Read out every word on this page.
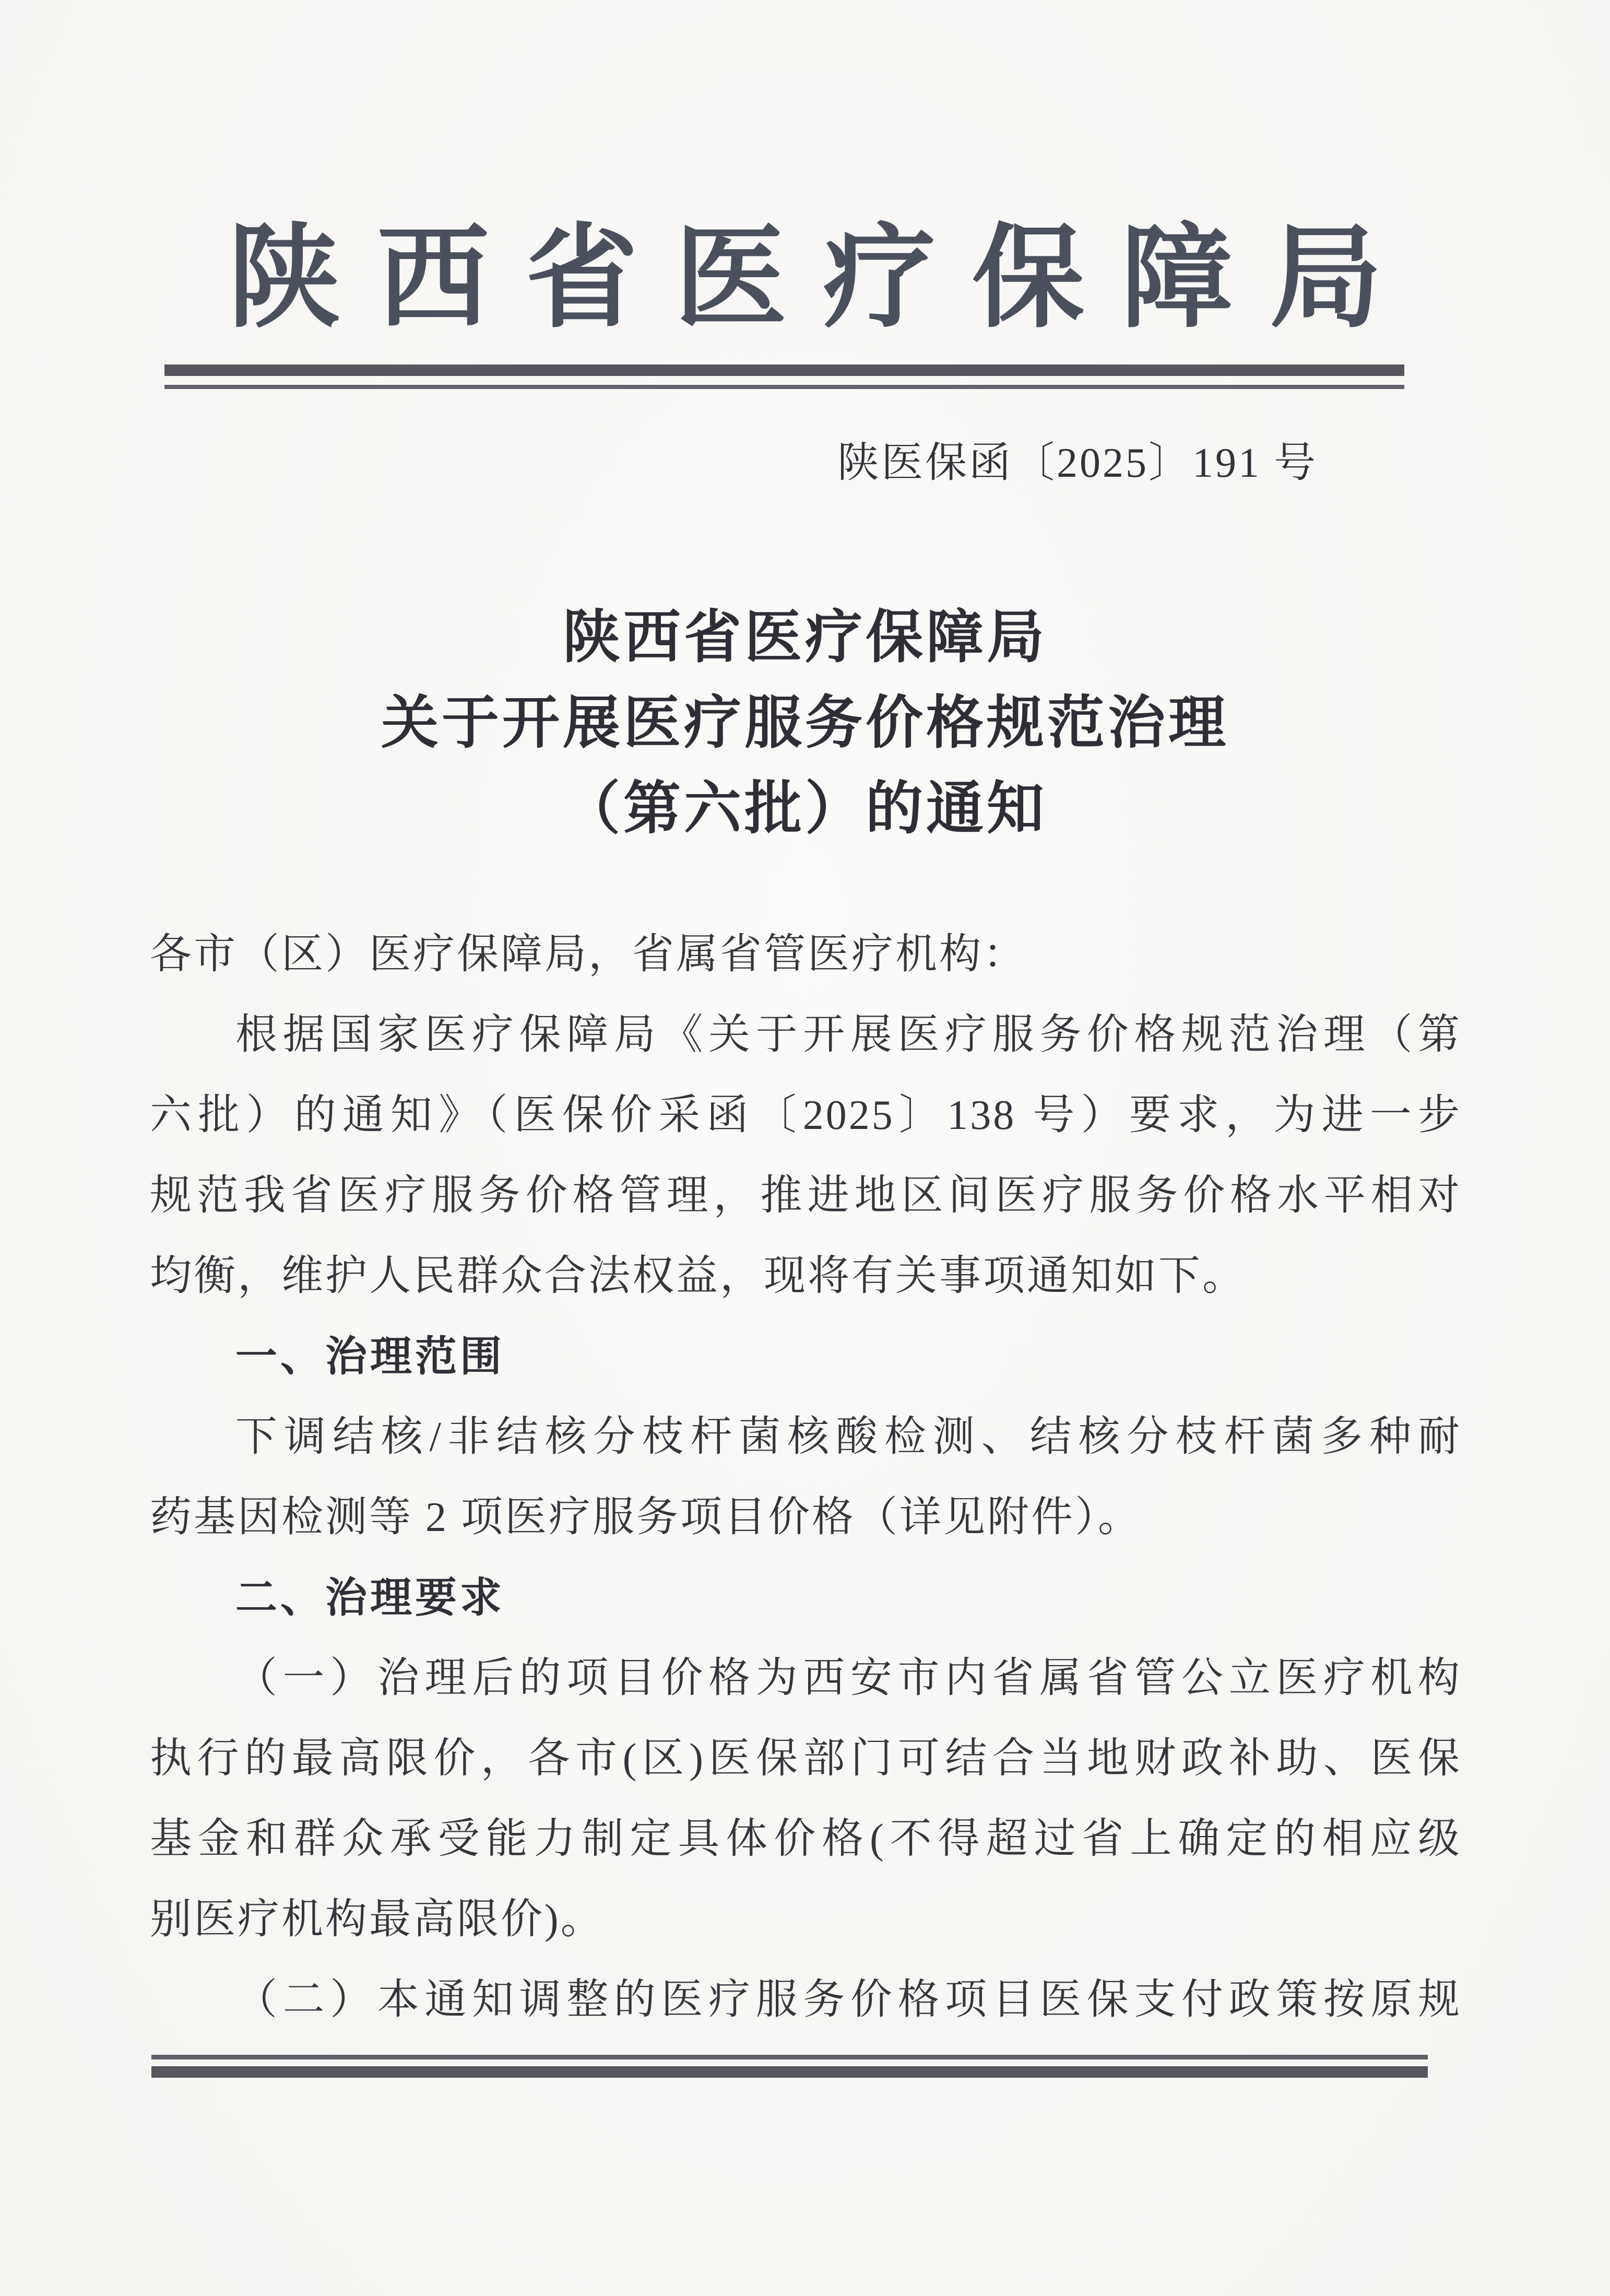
陕西省医疗保障局
陕医保函〔2025〕191 号
陕西省医疗保障局
关于开展医疗服务价格规范治理
（第六批）的通知
各市（区）医疗保障局，省属省管医疗机构：
根据国家医疗保障局《关于开展医疗服务价格规范治理（第
六批）的通知》（医保价采函〔2025〕138 号）要求，为进一步
规范我省医疗服务价格管理，推进地区间医疗服务价格水平相对
均衡，维护人民群众合法权益，现将有关事项通知如下。
一、治理范围
下调结核/非结核分枝杆菌核酸检测、结核分枝杆菌多种耐
药基因检测等 2 项医疗服务项目价格（详见附件）。
二、治理要求
（一）治理后的项目价格为西安市内省属省管公立医疗机构
执行的最高限价，各市(区)医保部门可结合当地财政补助、医保
基金和群众承受能力制定具体价格(不得超过省上确定的相应级
别医疗机构最高限价)。
（二）本通知调整的医疗服务价格项目医保支付政策按原规
